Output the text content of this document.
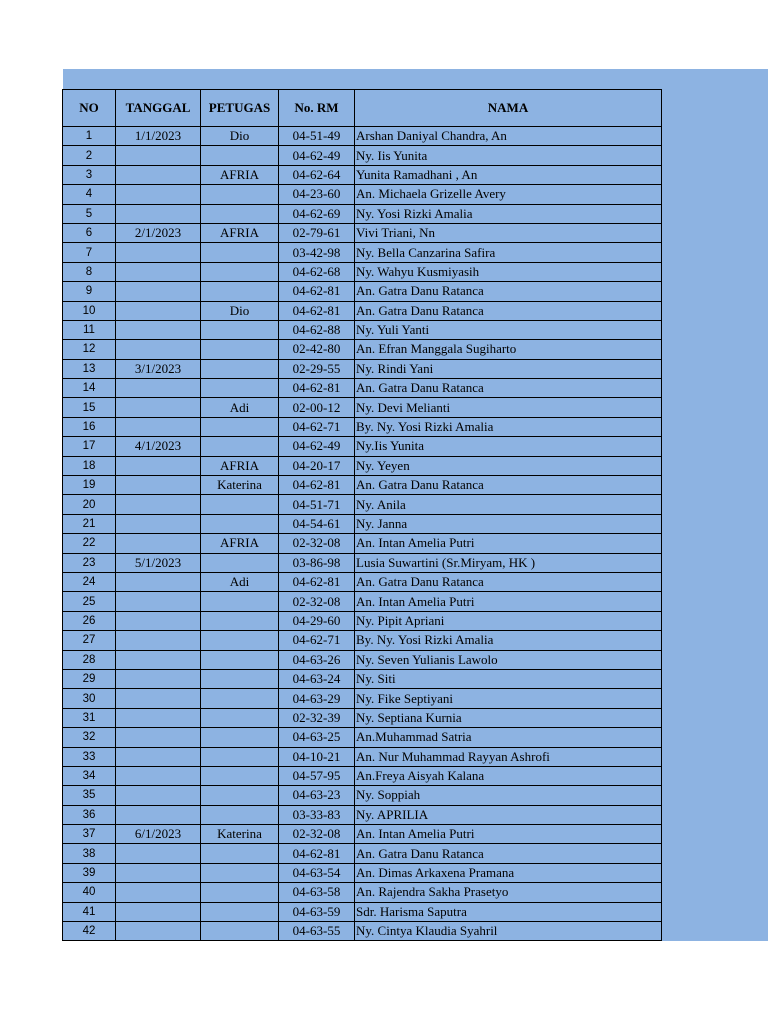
NO	TANGGAL	PETUGAS	No. RM	NAMA
1	1/1/2023	Dio	04-51-49	Arshan Daniyal Chandra, An
2			04-62-49	Ny. Iis Yunita
3		AFRIA	04-62-64	Yunita Ramadhani , An
4			04-23-60	An. Michaela Grizelle Avery
5			04-62-69	Ny. Yosi Rizki Amalia
6	2/1/2023	AFRIA	02-79-61	Vivi Triani, Nn
7			03-42-98	Ny. Bella Canzarina Safira
8			04-62-68	Ny. Wahyu Kusmiyasih
9			04-62-81	An. Gatra Danu Ratanca
10		Dio	04-62-81	An. Gatra Danu Ratanca
11			04-62-88	Ny. Yuli Yanti
12			02-42-80	An. Efran Manggala Sugiharto
13	3/1/2023		02-29-55	Ny. Rindi Yani
14			04-62-81	An. Gatra Danu Ratanca
15		Adi	02-00-12	Ny. Devi Melianti
16			04-62-71	By. Ny. Yosi Rizki Amalia
17	4/1/2023		04-62-49	Ny.Iis Yunita
18		AFRIA	04-20-17	Ny. Yeyen
19		Katerina	04-62-81	An. Gatra Danu Ratanca
20			04-51-71	Ny. Anila
21			04-54-61	Ny. Janna
22		AFRIA	02-32-08	An. Intan Amelia Putri
23	5/1/2023		03-86-98	Lusia Suwartini (Sr.Miryam, HK )
24		Adi	04-62-81	An. Gatra Danu Ratanca
25			02-32-08	An. Intan Amelia Putri
26			04-29-60	Ny. Pipit Apriani
27			04-62-71	By. Ny. Yosi Rizki Amalia
28			04-63-26	Ny. Seven Yulianis Lawolo
29			04-63-24	Ny. Siti
30			04-63-29	Ny. Fike Septiyani
31			02-32-39	Ny. Septiana Kurnia
32			04-63-25	An.Muhammad Satria
33			04-10-21	An. Nur Muhammad Rayyan Ashrofi
34			04-57-95	An.Freya Aisyah Kalana
35			04-63-23	Ny. Soppiah
36			03-33-83	Ny. APRILIA
37	6/1/2023	Katerina	02-32-08	An. Intan Amelia Putri
38			04-62-81	An. Gatra Danu Ratanca
39			04-63-54	An. Dimas Arkaxena Pramana
40			04-63-58	An. Rajendra Sakha Prasetyo
41			04-63-59	Sdr. Harisma Saputra
42			04-63-55	Ny. Cintya Klaudia Syahril
